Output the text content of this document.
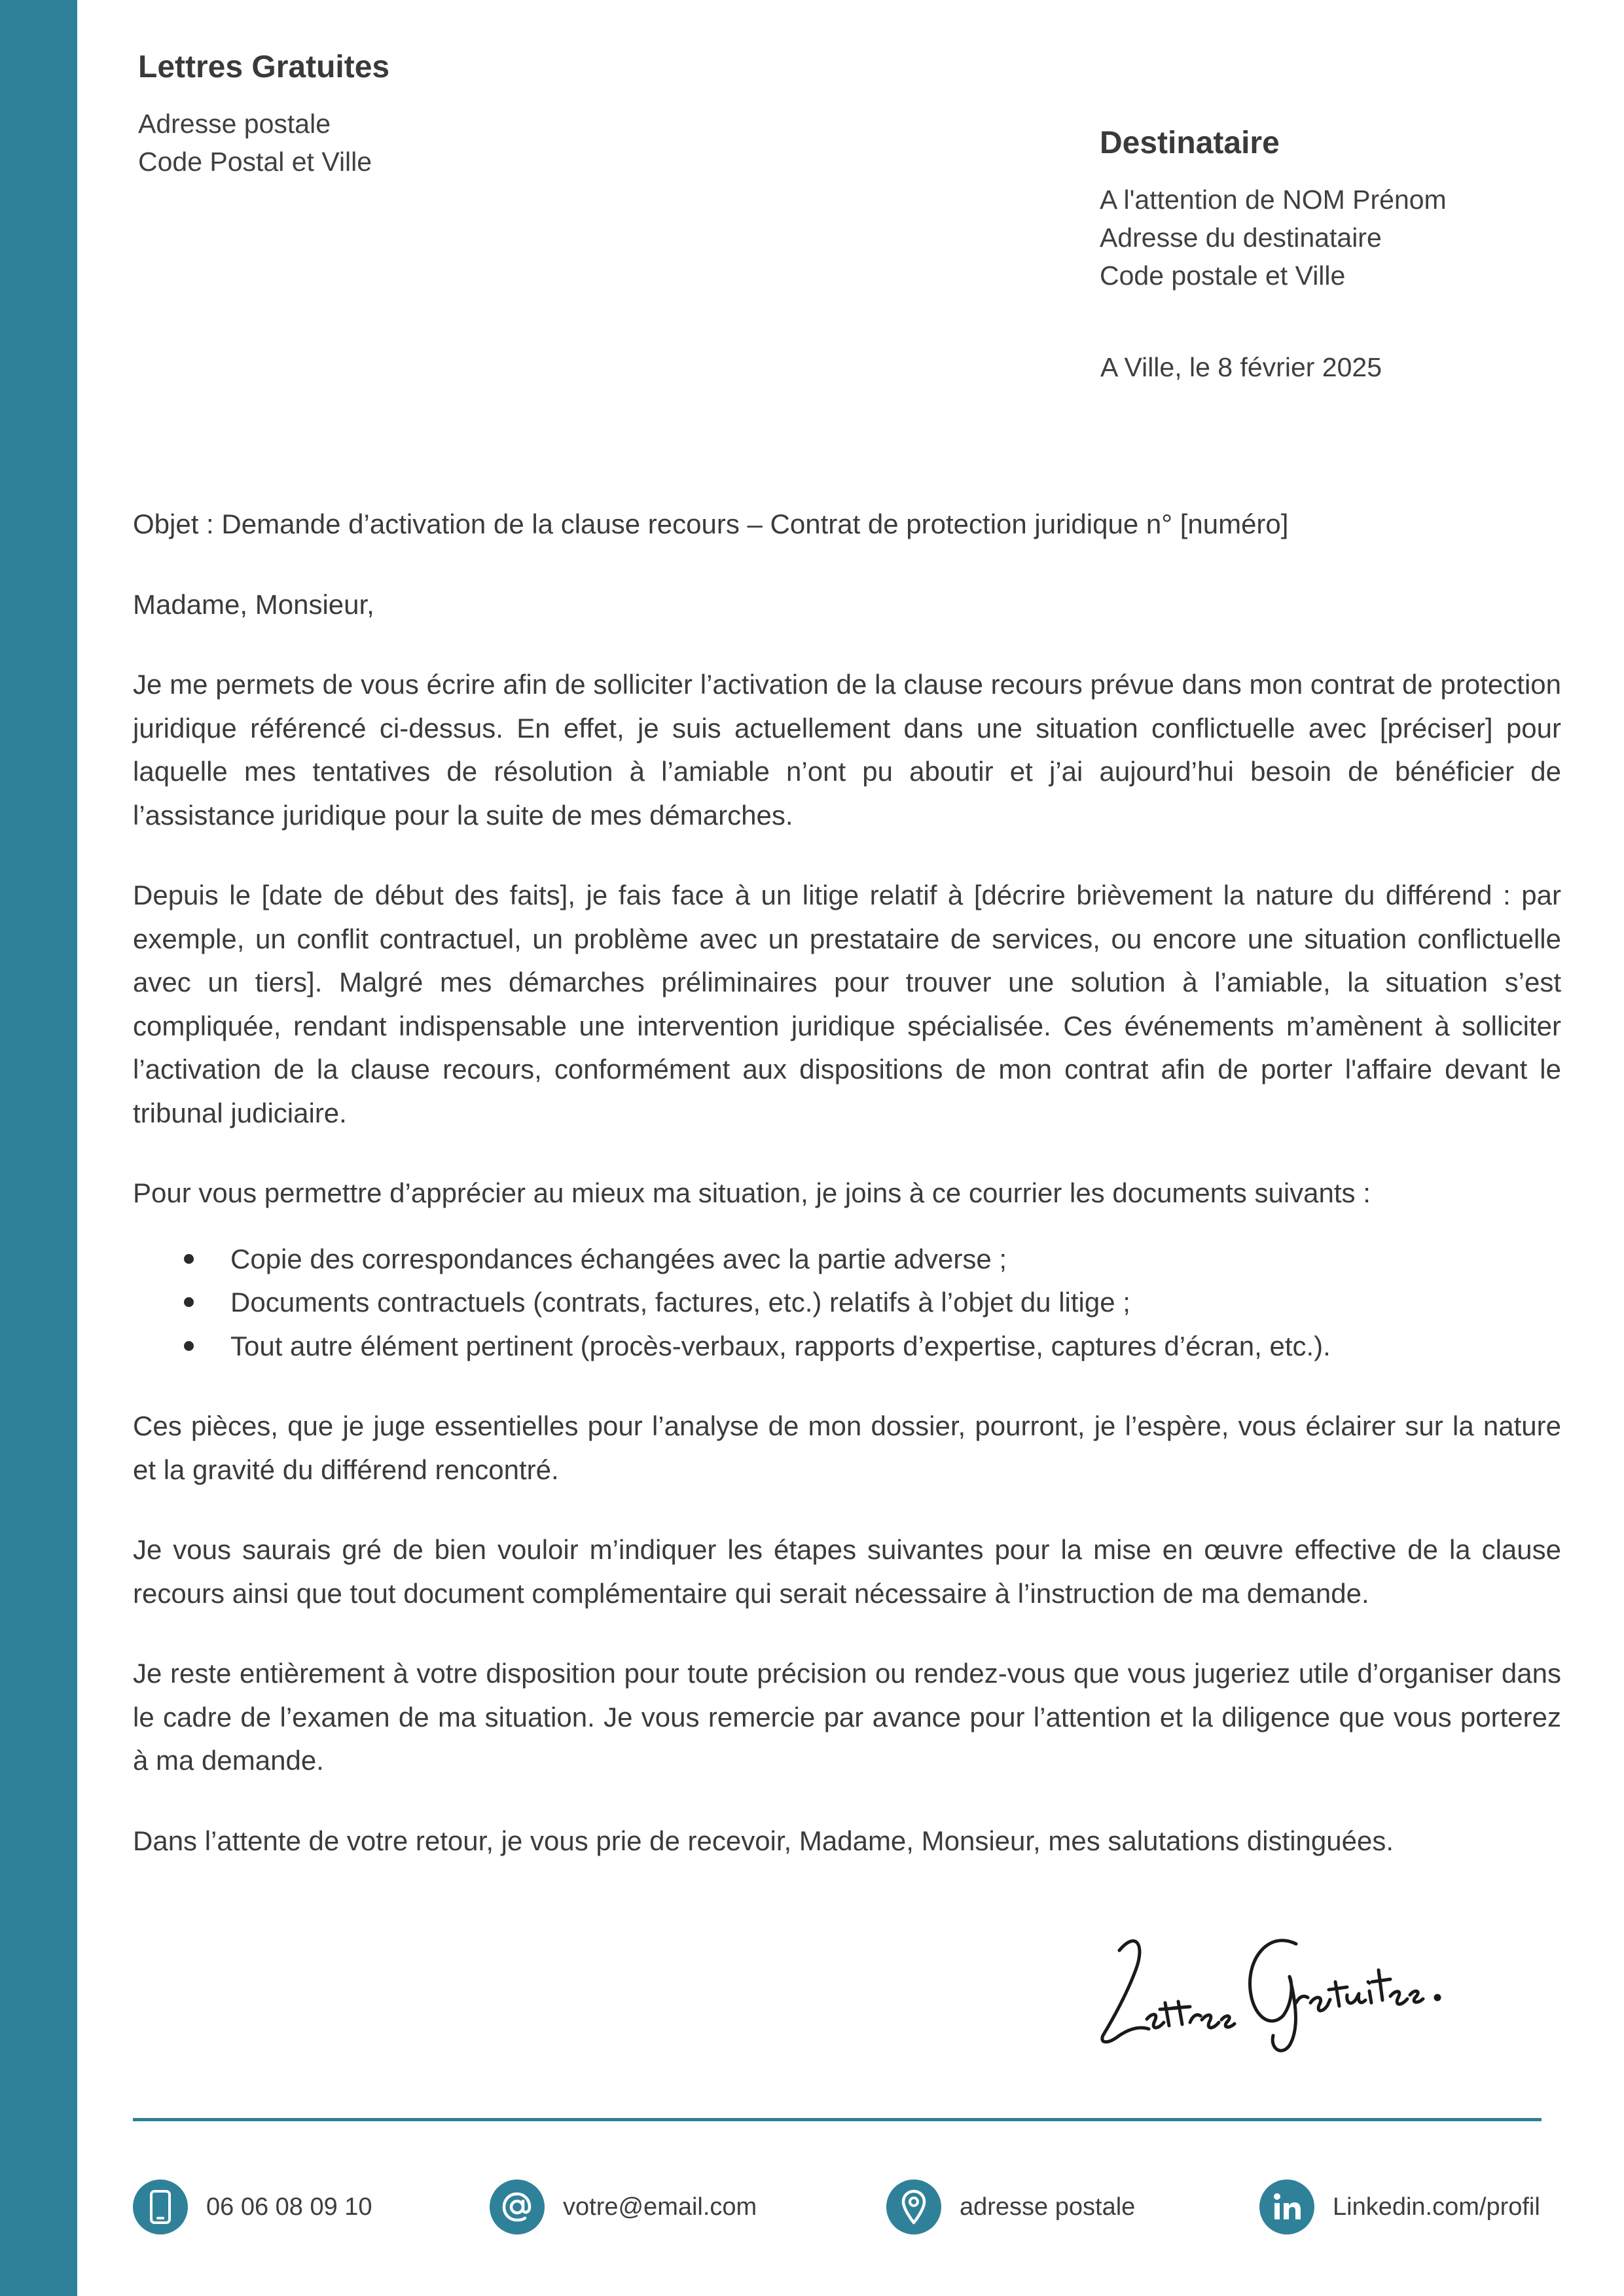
Lettres Gratuites
Adresse postale
Code Postal et Ville
Destinataire
A l'attention de NOM Prénom
Adresse du destinataire
Code postale et Ville
A Ville, le 8 février 2025

Objet : Demande d’activation de la clause recours – Contrat de protection juridique n° [numéro]

Madame, Monsieur,

Je me permets de vous écrire afin de solliciter l’activation de la clause recours prévue dans mon contrat de protection juridique référencé ci-dessus. En effet, je suis actuellement dans une situation conflictuelle avec [préciser] pour laquelle mes tentatives de résolution à l’amiable n’ont pu aboutir et j’ai aujourd’hui besoin de bénéficier de l’assistance juridique pour la suite de mes démarches.

Depuis le [date de début des faits], je fais face à un litige relatif à [décrire brièvement la nature du différend : par exemple, un conflit contractuel, un problème avec un prestataire de services, ou encore une situation conflictuelle avec un tiers]. Malgré mes démarches préliminaires pour trouver une solution à l’amiable, la situation s’est compliquée, rendant indispensable une intervention juridique spécialisée. Ces événements m’amènent à solliciter l’activation de la clause recours, conformément aux dispositions de mon contrat afin de porter l'affaire devant le tribunal judiciaire.

Pour vous permettre d’apprécier au mieux ma situation, je joins à ce courrier les documents suivants :

Copie des correspondances échangées avec la partie adverse ;
Documents contractuels (contrats, factures, etc.) relatifs à l’objet du litige ;
Tout autre élément pertinent (procès-verbaux, rapports d’expertise, captures d’écran, etc.).

Ces pièces, que je juge essentielles pour l’analyse de mon dossier, pourront, je l’espère, vous éclairer sur la nature et la gravité du différend rencontré.

Je vous saurais gré de bien vouloir m’indiquer les étapes suivantes pour la mise en œuvre effective de la clause recours ainsi que tout document complémentaire qui serait nécessaire à l’instruction de ma demande.

Je reste entièrement à votre disposition pour toute précision ou rendez-vous que vous jugeriez utile d’organiser dans le cadre de l’examen de ma situation. Je vous remercie par avance pour l’attention et la diligence que vous porterez à ma demande.

Dans l’attente de votre retour, je vous prie de recevoir, Madame, Monsieur, mes salutations distinguées.

06 06 08 09 10	votre@email.com	adresse postale	Linkedin.com/profil
